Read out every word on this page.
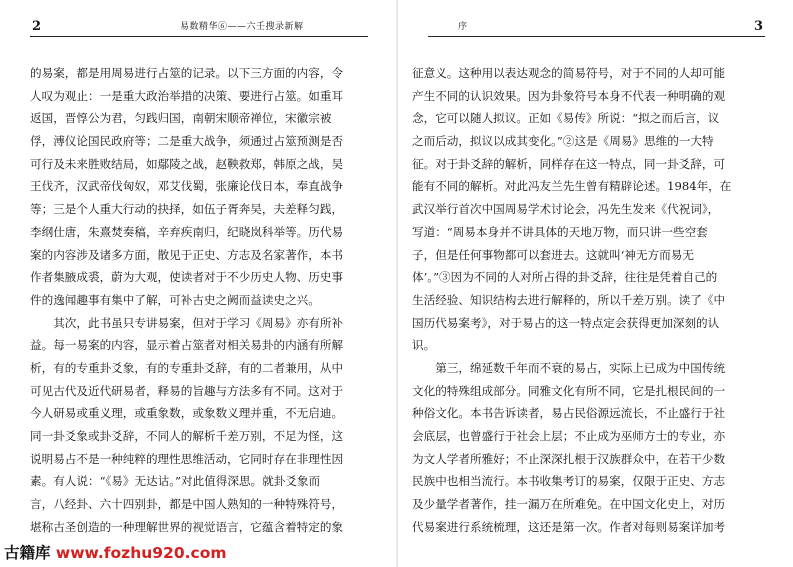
2	易数精华⑥——六壬搜录新解
的易案，都是用周易进行占筮的记录。以下三方面的内容，令
人叹为观止：一是重大政治举措的决策、要进行占筮。如重耳
返国，晋惇公为君，匀践归国，南朝宋顺帝禅位，宋徽宗被
俘，溥仪论国民政府等；二是重大战争，须通过占筮预测是否
可行及未来胜败结局，如鄢陵之战，赵鞅救郑，韩原之战，吴
王伐齐，汉武帝伐匈奴，邓艾伐蜀，张廉论伐日本，奉直战争
等；三是个人重大行动的抉择，如伍子胥奔吴，夫差释匀践，
李纲仕唐，朱熹焚奏稿，辛弃疾南归，纪晓岚科举等。历代易
案的内容涉及诸多方面，散见于正史、方志及名家著作，本书
作者集腋成裘，蔚为大观，使读者对于不少历史人物、历史事
件的逸闻趣事有集中了解，可补古史之阙而益读史之兴。
　　其次，此书虽只专讲易案，但对于学习《周易》亦有所补
益。每一易案的内容，显示着占筮者对相关易卦的内涵有所解
析，有的专重卦爻象，有的专重卦爻辞，有的二者兼用，从中
可见古代及近代研易者，释易的旨趣与方法多有不同。这对于
今人研易或重义理，或重象数，或象数义理并重，不无启迪。
同一卦爻象或卦爻辞，不同人的解析千差万别，不足为怪，这
说明易占不是一种纯粹的理性思维活动，它同时存在非理性因
素。有人说：“《易》无达诂。”对此值得深思。就卦爻象而
言，八经卦、六十四别卦，都是中国人熟知的一种特殊符号，
堪称古圣创造的一种理解世界的视觉语言，它蕴含着特定的象
序	3
征意义。这种用以表达观念的简易符号，对于不同的人却可能
产生不同的认识效果。因为卦象符号本身不代表一种明确的观
念，它可以随人拟议。正如《易传》所说：“拟之而后言，议
之而后动，拟议以成其变化。”②这是《周易》思维的一大特
征。对于卦爻辞的解析，同样存在这一特点，同一卦爻辞，可
能有不同的解析。对此冯友兰先生曾有精辟论述。1984年，在
武汉举行首次中国周易学术讨论会，冯先生发来《代祝词》，
写道：“周易本身并不讲具体的天地万物，而只讲一些空套
子，但是任何事物都可以套进去。这就叫‘神无方而易无
体’。”③因为不同的人对所占得的卦爻辞，往往是凭着自己的
生活经验、知识结构去进行解释的，所以千差万别。读了《中
国历代易案考》，对于易占的这一特点定会获得更加深刻的认
识。
　　第三，绵延数千年而不衰的易占，实际上已成为中国传统
文化的特殊组成部分。同雅文化有所不同，它是扎根民间的一
种俗文化。本书告诉读者，易占民俗源远流长，不止盛行于社
会底层，也曾盛行于社会上层；不止成为巫师方士的专业，亦
为文人学者所雅好；不止深深扎根于汉族群众中，在若干少数
民族中也相当流行。本书收集考订的易案，仅限于正史、方志
及少量学者著作，挂一漏万在所难免。在中国文化史上，对历
代易案进行系统梳理，这还是第一次。作者对每则易案详加考
古籍库 www.fozhu920.com
